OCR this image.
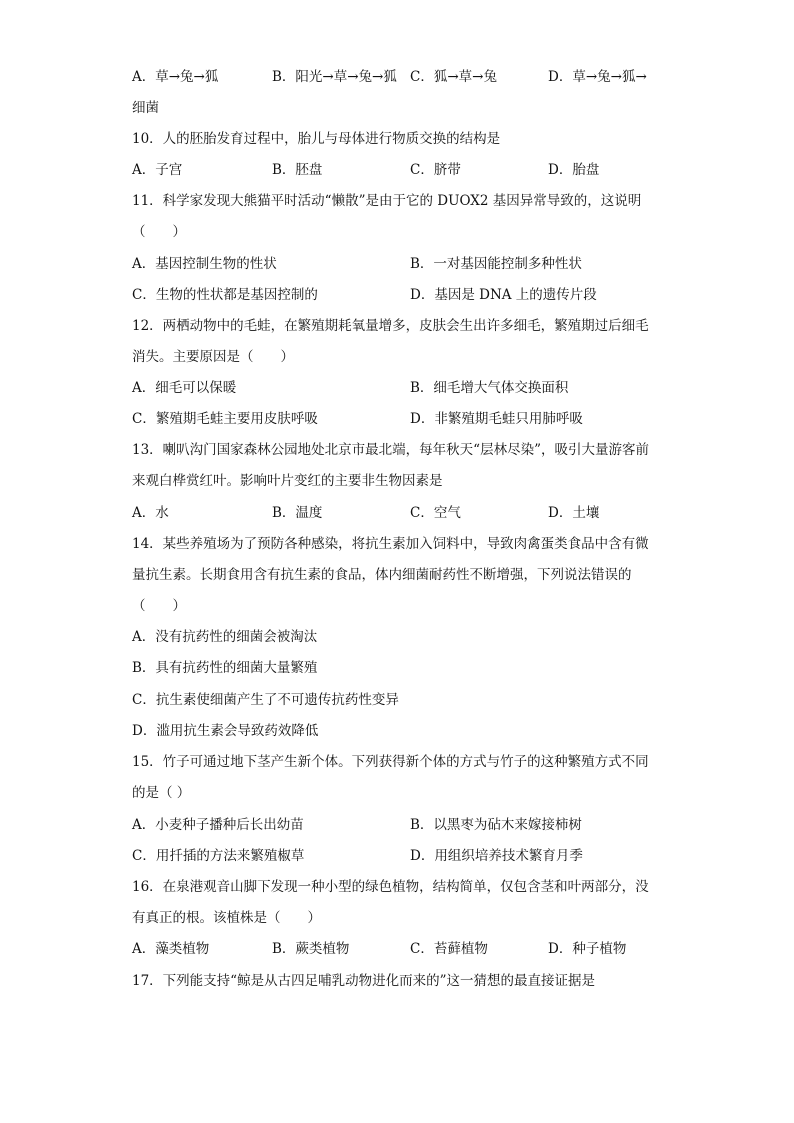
A．草→兔→狐	B．阳光→草→兔→狐 C．狐→草→兔	D．草→兔→狐→
细菌
10．人的胚胎发育过程中，胎儿与母体进行物质交换的结构是
A．子宫	B．胚盘	C．脐带	D．胎盘
11．科学家发现大熊猫平时活动“懒散”是由于它的 DUOX2 基因异常导致的，这说明
（　　）
A．基因控制生物的性状	B．一对基因能控制多种性状
C．生物的性状都是基因控制的	D．基因是 DNA 上的遗传片段
12．两栖动物中的毛蛙，在繁殖期耗氧量增多，皮肤会生出许多细毛，繁殖期过后细毛
消失。主要原因是（　　）
A．细毛可以保暖	B．细毛增大气体交换面积
C．繁殖期毛蛙主要用皮肤呼吸	D．非繁殖期毛蛙只用肺呼吸
13．喇叭沟门国家森林公园地处北京市最北端，每年秋天“层林尽染”，吸引大量游客前
来观白桦赏红叶。影响叶片变红的主要非生物因素是
A．水	B．温度	C．空气	D．土壤
14．某些养殖场为了预防各种感染，将抗生素加入饲料中，导致肉禽蛋类食品中含有微
量抗生素。长期食用含有抗生素的食品，体内细菌耐药性不断增强，下列说法错误的
（　　）
A．没有抗药性的细菌会被淘汰
B．具有抗药性的细菌大量繁殖
C．抗生素使细菌产生了不可遗传抗药性变异
D．滥用抗生素会导致药效降低
15．竹子可通过地下茎产生新个体。下列获得新个体的方式与竹子的这种繁殖方式不同
的是（ ）
A．小麦种子播种后长出幼苗	B．以黑枣为砧木来嫁接柿树
C．用扦插的方法来繁殖椒草	D．用组织培养技术繁育月季
16．在泉港观音山脚下发现一种小型的绿色植物，结构简单，仅包含茎和叶两部分，没
有真正的根。该植株是（　　）
A．藻类植物	B．蕨类植物	C．苔藓植物	D．种子植物
17．下列能支持“鲸是从古四足哺乳动物进化而来的”这一猜想的最直接证据是
